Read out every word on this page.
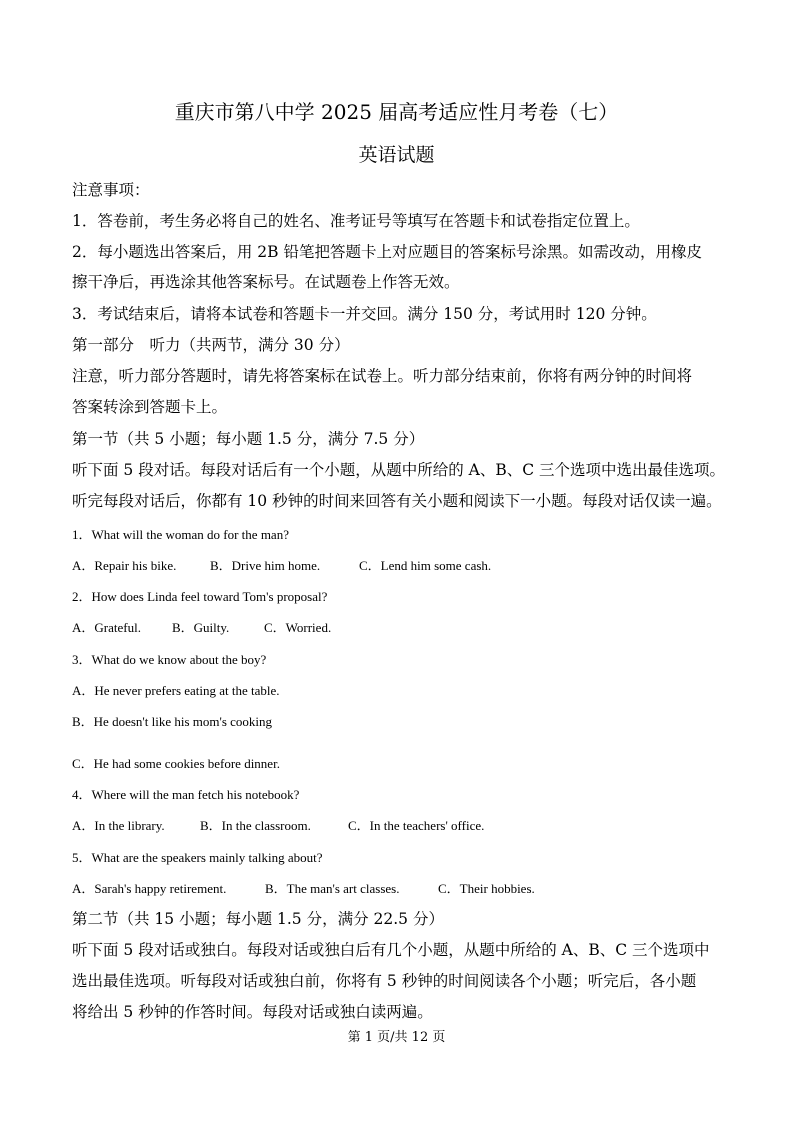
重庆市第八中学 2025 届高考适应性月考卷（七）
英语试题
注意事项：
1．答卷前，考生务必将自己的姓名、准考证号等填写在答题卡和试卷指定位置上。
2．每小题选出答案后，用 2B 铅笔把答题卡上对应题目的答案标号涂黑。如需改动，用橡皮
擦干净后，再选涂其他答案标号。在试题卷上作答无效。
3．考试结束后，请将本试卷和答题卡一并交回。满分 150 分，考试用时 120 分钟。
第一部分　听力（共两节，满分 30 分）
注意，听力部分答题时，请先将答案标在试卷上。听力部分结束前，你将有两分钟的时间将
答案转涂到答题卡上。
第一节（共 5 小题；每小题 1.5 分，满分 7.5 分）
听下面 5 段对话。每段对话后有一个小题，从题中所给的 A、B、C 三个选项中选出最佳选项。
听完每段对话后，你都有 10 秒钟的时间来回答有关小题和阅读下一小题。每段对话仅读一遍。
1．What will the woman do for the man?
A．Repair his bike.	B．Drive him home.	C．Lend him some cash.
2．How does Linda feel toward Tom's proposal?
A．Grateful. B．Guilty.	C．Worried.
3．What do we know about the boy?
A．He never prefers eating at the table.
B．He doesn't like his mom's cooking
C．He had some cookies before dinner.
4．Where will the man fetch his notebook?
A．In the library.	B．In the classroom.	C．In the teachers' office.
5．What are the speakers mainly talking about?
A．Sarah's happy retirement.	B．The man's art classes.	C．Their hobbies.
第二节（共 15 小题；每小题 1.5 分，满分 22.5 分）
听下面 5 段对话或独白。每段对话或独白后有几个小题，从题中所给的 A、B、C 三个选项中
选出最佳选项。听每段对话或独白前，你将有 5 秒钟的时间阅读各个小题；听完后，各小题
将给出 5 秒钟的作答时间。每段对话或独白读两遍。
第 1 页/共 12 页
